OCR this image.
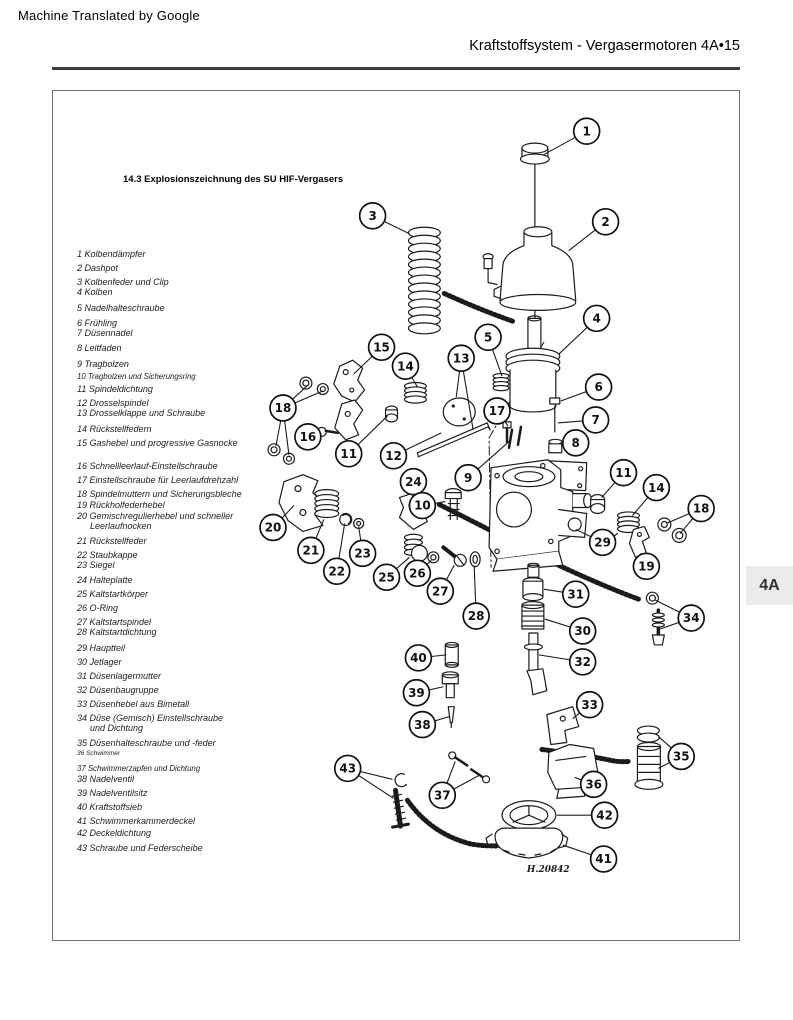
Machine Translated by Google
Kraftstoffsystem - Vergasermotoren 4A•15
1
2
3
4
5
15
14
13
6
17
7
8
18
16
11 12
9
24
10
20
21
22
23
25 26
27
28
29
11
14
18
19
31
30
32
34
33
40
39
38
43
37
36
35
42
41
H.20842
14.3 Explosionszeichnung des SU HIF-Vergasers
1 Kolbendämpfer
2 Dashpot
3 Kolbenfeder und Clip
4 Kolben
5 Nadelhalteschraube
6 Frühling
7 Düsennadel
8 Leitfaden
9 Tragbolzen
10 Tragbolzen und Sicherungsring
11 Spindeldichtung
12 Drosselspindel
13 Drosselklappe und Schraube
14 Rückstellfedern
15 Gashebel und progressive Gasnocke
16 Schnellleerlauf-Einstellschraube
17 Einstellschraube für Leerlaufdrehzahl
18 Spindelmuttern und Sicherungsbleche
19 Rückholfederhebel
20 Gemischregulierhebel und schneller
Leerlaufnocken
21 Rückstellfeder
22 Staubkappe
23 Siegel
24 Halteplatte
25 Kaltstartkörper
26 O-Ring
27 Kaltstartspindel
28 Kaltstartdichtung
29 Hauptteil
30 Jetlager
31 Düsenlagermutter
32 Düsenbaugruppe
33 Düsenhebel aus Bimetall
34 Düse (Gemisch) Einstellschraube
und Dichtung
35 Düsenhalteschraube und -feder
36 Schwimmer
37 Schwimmerzapfen und Dichtung
38 Nadelventil
39 Nadelventilsitz
40 Kraftstoffsieb
41 Schwimmerkammerdeckel
42 Deckeldichtung
43 Schraube und Federscheibe
4A
